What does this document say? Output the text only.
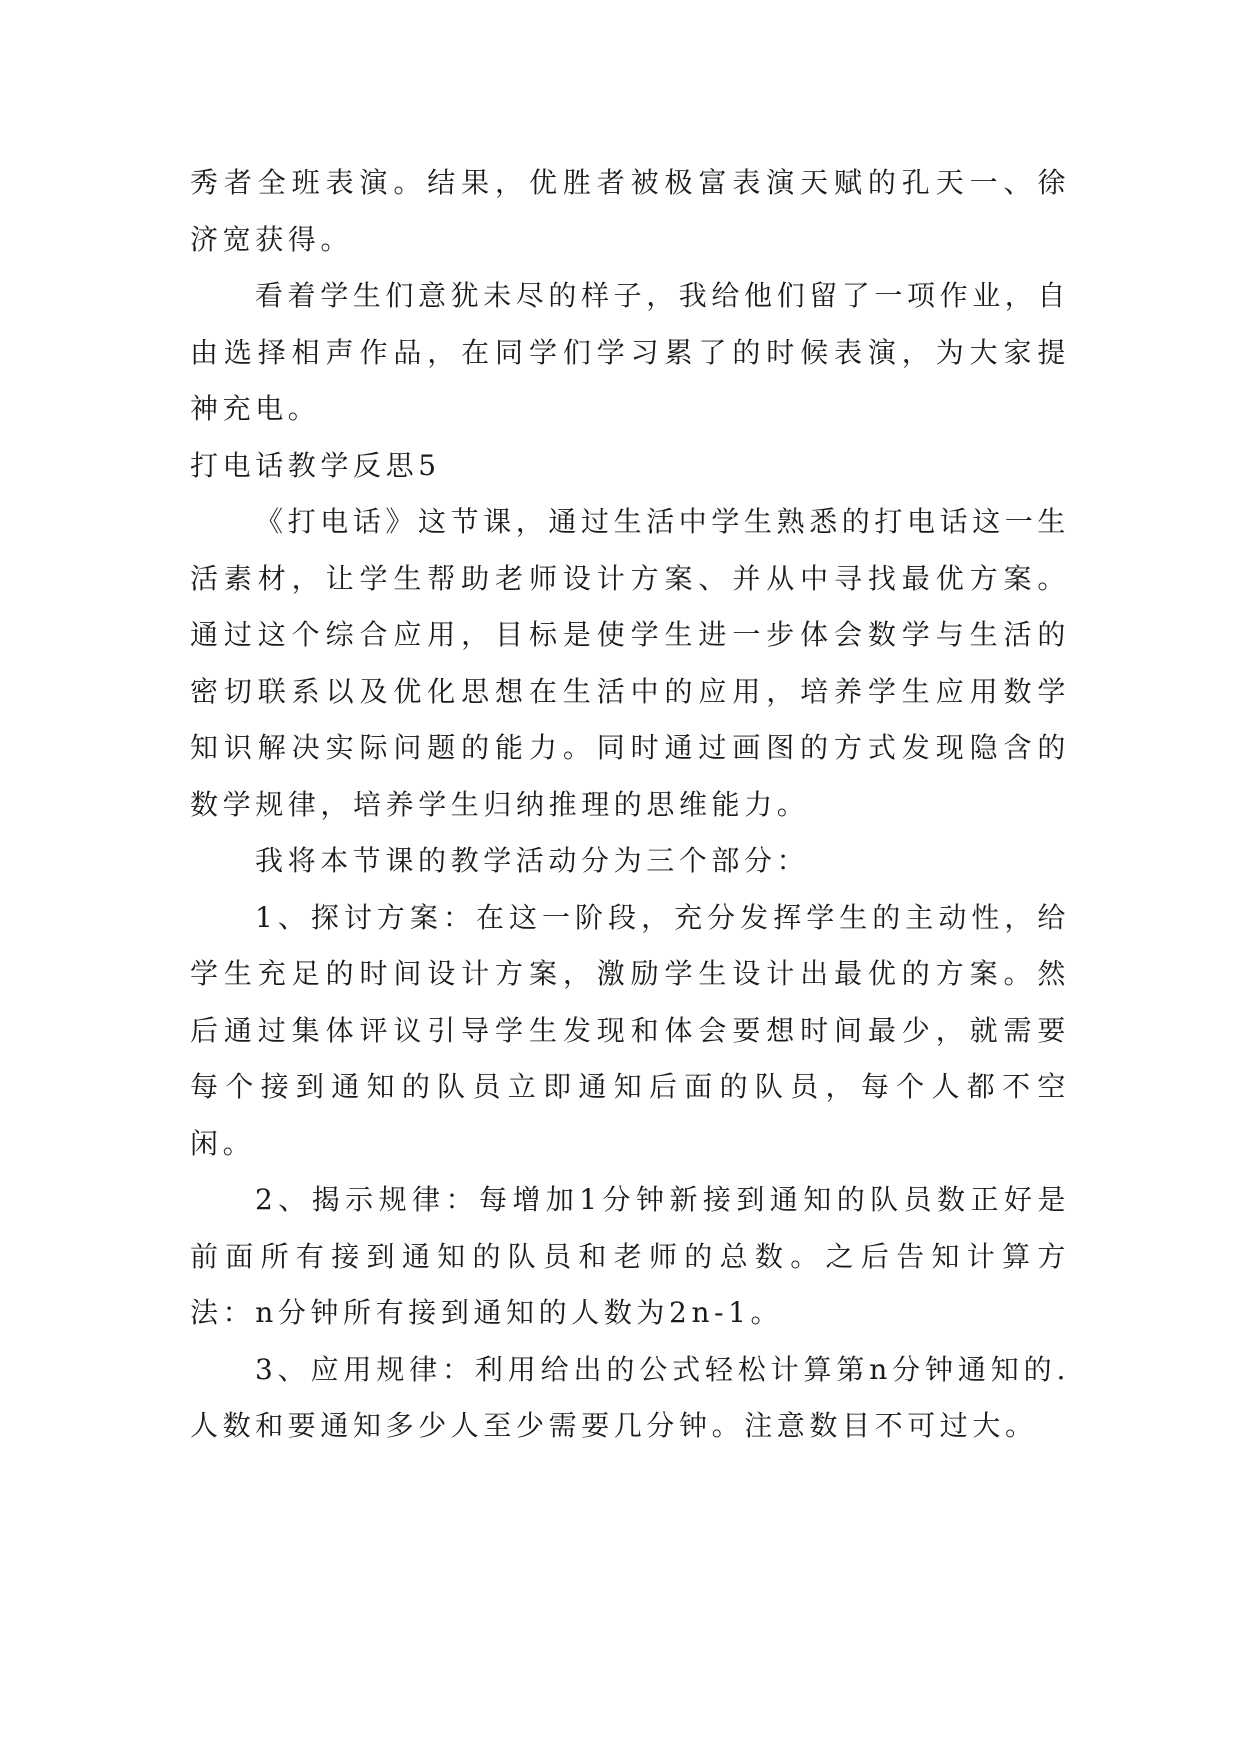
秀者全班表演。结果，优胜者被极富表演天赋的孔天一、徐济宽获得。

看着学生们意犹未尽的样子，我给他们留了一项作业，自由选择相声作品，在同学们学习累了的时候表演，为大家提神充电。

打电话教学反思5

《打电话》这节课，通过生活中学生熟悉的打电话这一生活素材，让学生帮助老师设计方案、并从中寻找最优方案。通过这个综合应用，目标是使学生进一步体会数学与生活的密切联系以及优化思想在生活中的应用，培养学生应用数学知识解决实际问题的能力。同时通过画图的方式发现隐含的数学规律，培养学生归纳推理的思维能力。

我将本节课的教学活动分为三个部分：

1、探讨方案：在这一阶段，充分发挥学生的主动性，给学生充足的时间设计方案，激励学生设计出最优的方案。然后通过集体评议引导学生发现和体会要想时间最少，就需要每个接到通知的队员立即通知后面的队员，每个人都不空闲。

2、揭示规律：每增加1分钟新接到通知的队员数正好是前面所有接到通知的队员和老师的总数。之后告知计算方法：n分钟所有接到通知的人数为2n-1。

3、应用规律：利用给出的公式轻松计算第n分钟通知的.人数和要通知多少人至少需要几分钟。注意数目不可过大。
